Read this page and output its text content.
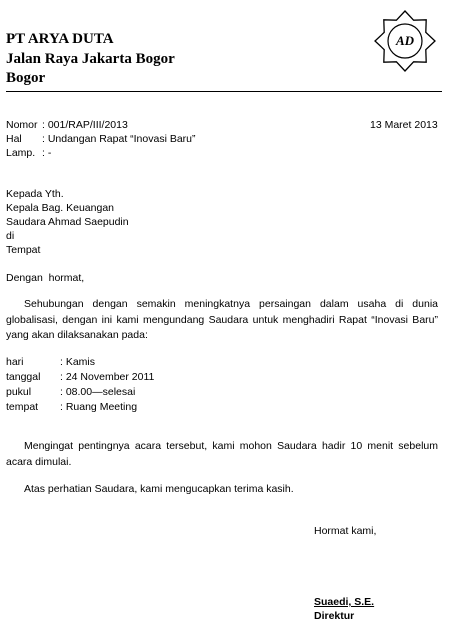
PT ARYA DUTA
Jalan Raya Jakarta Bogor
Bogor
AD
Nomor : 001/RAP/III/2013	13 Maret 2013
Hal : Undangan Rapat “Inovasi Baru”
Lamp. : -
Kepada Yth.
Kepala Bag. Keuangan
Saudara Ahmad Saepudin
di
Tempat
Dengan  hormat,
Sehubungan dengan semakin meningkatnya persaingan dalam usaha di dunia globalisasi, dengan ini kami mengundang Saudara untuk menghadiri Rapat “Inovasi Baru” yang akan dilaksanakan pada:
hari	: Kamis
tanggal : 24 November 2011
pukul	: 08.00—selesai
tempat : Ruang Meeting
Mengingat pentingnya acara tersebut, kami mohon Saudara hadir 10 menit sebelum acara dimulai.
Atas perhatian Saudara, kami mengucapkan terima kasih.
Hormat kami,
Suaedi, S.E.
Direktur
